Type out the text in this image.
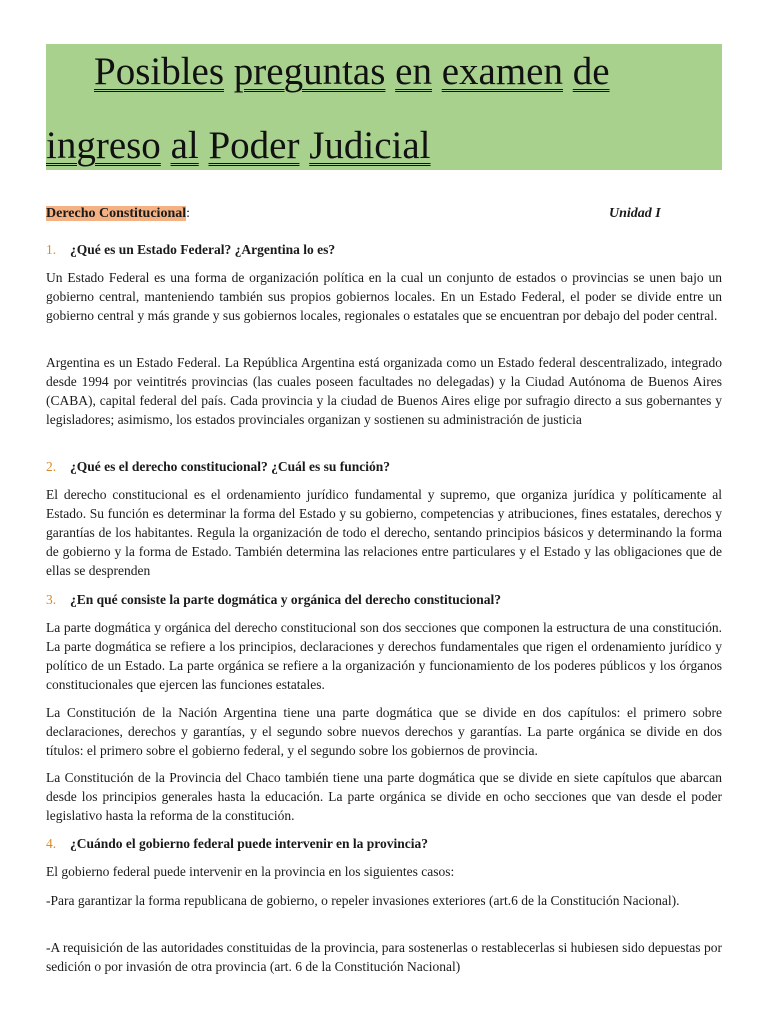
Posibles preguntas en examen de
ingreso al Poder Judicial
Derecho Constitucional:	Unidad I
1. ¿Qué es un Estado Federal? ¿Argentina lo es?
Un Estado Federal es una forma de organización política en la cual un conjunto de estados o provincias se unen bajo un gobierno central, manteniendo también sus propios gobiernos locales. En un Estado Federal, el poder se divide entre un gobierno central y más grande y sus gobiernos locales, regionales o estatales que se encuentran por debajo del poder central.
Argentina es un Estado Federal. La República Argentina está organizada como un Estado federal descentralizado, integrado desde 1994 por veintitrés provincias (las cuales poseen facultades no delegadas) y la Ciudad Autónoma de Buenos Aires (CABA), capital federal del país. Cada provincia y la ciudad de Buenos Aires elige por sufragio directo a sus gobernantes y legisladores; asimismo, los estados provinciales organizan y sostienen su administración de justicia
2. ¿Qué es el derecho constitucional? ¿Cuál es su función?
El derecho constitucional es el ordenamiento jurídico fundamental y supremo, que organiza jurídica y políticamente al Estado. Su función es determinar la forma del Estado y su gobierno, competencias y atribuciones, fines estatales, derechos y garantías de los habitantes. Regula la organización de todo el derecho, sentando principios básicos y determinando la forma de gobierno y la forma de Estado. También determina las relaciones entre particulares y el Estado y las obligaciones que de ellas se desprenden
3. ¿En qué consiste la parte dogmática y orgánica del derecho constitucional?
La parte dogmática y orgánica del derecho constitucional son dos secciones que componen la estructura de una constitución. La parte dogmática se refiere a los principios, declaraciones y derechos fundamentales que rigen el ordenamiento jurídico y político de un Estado. La parte orgánica se refiere a la organización y funcionamiento de los poderes públicos y los órganos constitucionales que ejercen las funciones estatales.
La Constitución de la Nación Argentina tiene una parte dogmática que se divide en dos capítulos: el primero sobre declaraciones, derechos y garantías, y el segundo sobre nuevos derechos y garantías. La parte orgánica se divide en dos títulos: el primero sobre el gobierno federal, y el segundo sobre los gobiernos de provincia.
La Constitución de la Provincia del Chaco también tiene una parte dogmática que se divide en siete capítulos que abarcan desde los principios generales hasta la educación. La parte orgánica se divide en ocho secciones que van desde el poder legislativo hasta la reforma de la constitución.
4. ¿Cuándo el gobierno federal puede intervenir en la provincia?
El gobierno federal puede intervenir en la provincia en los siguientes casos:
-Para garantizar la forma republicana de gobierno, o repeler invasiones exteriores (art.6 de la Constitución Nacional).
-A requisición de las autoridades constituidas de la provincia, para sostenerlas o restablecerlas si hubiesen sido depuestas por sedición o por invasión de otra provincia (art. 6 de la Constitución Nacional)
